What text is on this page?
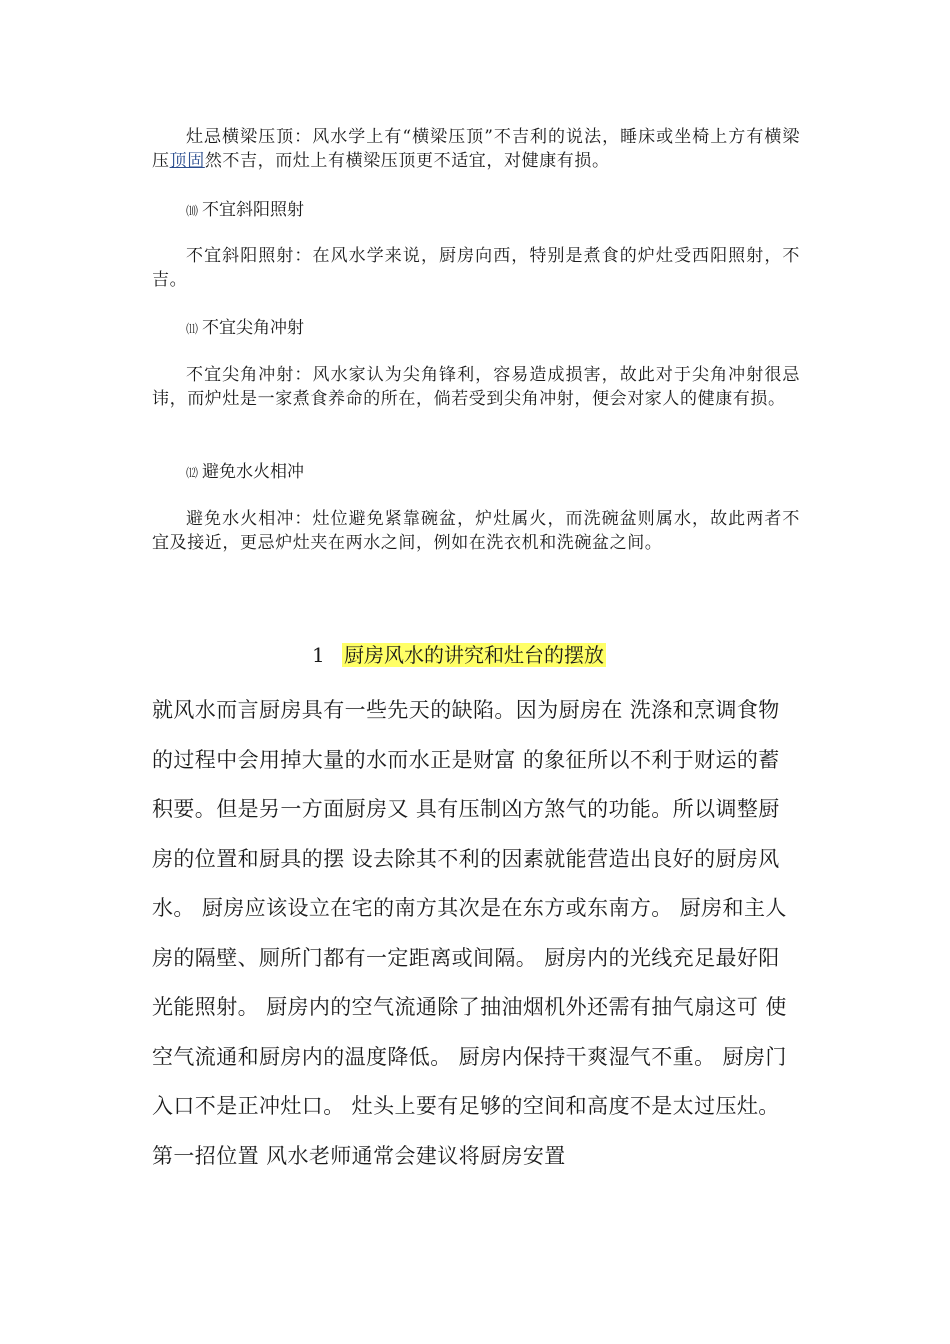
灶忌横梁压顶：风水学上有“横梁压顶”不吉利的说法，睡床或坐椅上方有横梁压顶固然不吉，而灶上有横梁压顶更不适宜，对健康有损。
⑽ 不宜斜阳照射
不宜斜阳照射：在风水学来说，厨房向西，特别是煮食的炉灶受西阳照射，不吉。
⑾ 不宜尖角冲射
不宜尖角冲射：风水家认为尖角锋利，容易造成损害，故此对于尖角冲射很忌讳，而炉灶是一家煮食养命的所在，倘若受到尖角冲射，便会对家人的健康有损。
⑿ 避免水火相冲
避免水火相冲：灶位避免紧靠碗盆，炉灶属火，而洗碗盆则属水，故此两者不宜及接近，更忌炉灶夹在两水之间，例如在洗衣机和洗碗盆之间。
1 厨房风水的讲究和灶台的摆放
就风水而言厨房具有一些先天的缺陷。因为厨房在 洗涤和烹调食物的过程中会用掉大量的水而水正是财富 的象征所以不利于财运的蓄积要。但是另一方面厨房又 具有压制凶方煞气的功能。所以调整厨房的位置和厨具的摆 设去除其不利的因素就能营造出良好的厨房风水。 厨房应该设立在宅的南方其次是在东方或东南方。 厨房和主人房的隔壁、厕所门都有一定距离或间隔。 厨房内的光线充足最好阳光能照射。 厨房内的空气流通除了抽油烟机外还需有抽气扇这可 使空气流通和厨房内的温度降低。 厨房内保持干爽湿气不重。 厨房门入口不是正冲灶口。 灶头上要有足够的空间和高度不是太过压灶。 第一招位置 风水老师通常会建议将厨房安置
